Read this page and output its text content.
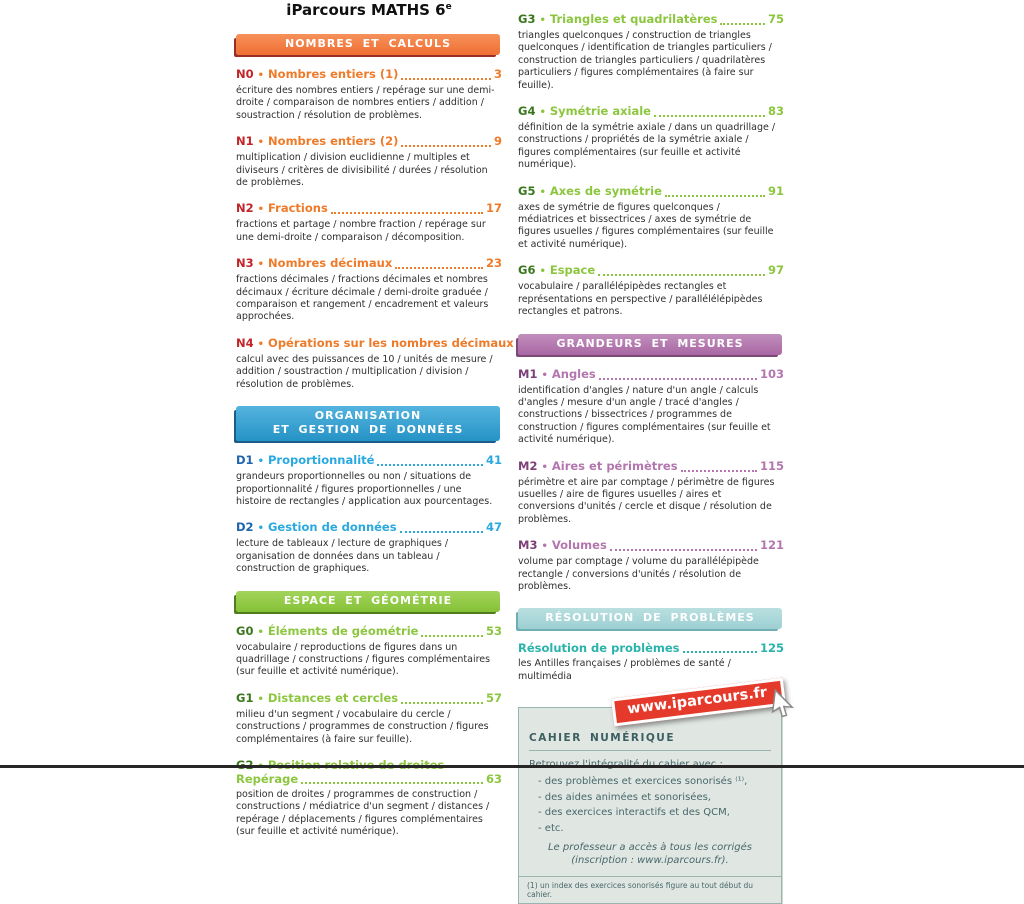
iParcours MATHS 6e
NOMBRES ET CALCULS
N0 • Nombres entiers (1)	3
écriture des nombres entiers / repérage sur une demi-droite / comparaison de nombres entiers / addition / soustraction / résolution de problèmes.
N1 • Nombres entiers (2)	9
multiplication / division euclidienne / multiples et diviseurs / critères de divisibilité / durées / résolution de problèmes.
N2 • Fractions	17
fractions et partage / nombre fraction / repérage sur une demi-droite / comparaison / décomposition.
N3 • Nombres décimaux	23
fractions décimales / fractions décimales et nombres décimaux / écriture décimale / demi-droite graduée / comparaison et rangement / encadrement et valeurs approchées.
N4 • Opérations sur les nombres décimaux
calcul avec des puissances de 10 / unités de mesure / addition / soustraction / multiplication / division / résolution de problèmes.
ORGANISATION
ET GESTION DE DONNÉES
D1 • Proportionnalité	41
grandeurs proportionnelles ou non / situations de proportionnalité / figures proportionnelles / une histoire de rectangles / application aux pourcentages.
D2 • Gestion de données	47
lecture de tableaux / lecture de graphiques / organisation de données dans un tableau / construction de graphiques.
ESPACE ET GÉOMÉTRIE
G0 • Éléments de géométrie	53
vocabulaire / reproductions de figures dans un quadrillage / constructions / figures complémentaires (sur feuille et activité numérique).
G1 • Distances et cercles	57
milieu d'un segment / vocabulaire du cercle / constructions / programmes de construction / figures complémentaires (à faire sur feuille).
Repérage	63
position de droites / programmes de construction / constructions / médiatrice d'un segment / distances / repérage / déplacements / figures complémentaires (sur feuille et activité numérique).
G3 • Triangles et quadrilatères	75
triangles quelconques / construction de triangles quelconques / identification de triangles particuliers / construction de triangles particuliers / quadrilatères particuliers / figures complémentaires (à faire sur feuille).
G4 • Symétrie axiale	83
définition de la symétrie axiale / dans un quadrillage / constructions / propriétés de la symétrie axiale / figures complémentaires (sur feuille et activité numérique).
G5 • Axes de symétrie	91
axes de symétrie de figures quelconques / médiatrices et bissectrices / axes de symétrie de figures usuelles / figures complémentaires (sur feuille et activité numérique).
G6 • Espace	97
vocabulaire / parallélépipèdes rectangles et représentations en perspective / parallélélépipèdes rectangles et patrons.
GRANDEURS ET MESURES
M1 • Angles	103
identification d'angles / nature d'un angle / calculs d'angles / mesure d'un angle / tracé d'angles / constructions / bissectrices / programmes de construction / figures complémentaires (sur feuille et activité numérique).
M2 • Aires et périmètres	115
périmètre et aire par comptage / périmètre de figures usuelles / aire de figures usuelles / aires et conversions d'unités / cercle et disque / résolution de problèmes.
M3 • Volumes	121
volume par comptage / volume du parallélépipède rectangle / conversions d'unités / résolution de problèmes.
RÉSOLUTION DE PROBLÈMES
Résolution de problèmes	125
les Antilles françaises / problèmes de santé / multimédia
www.iparcours.fr
CAHIER NUMÉRIQUE
- des problèmes et exercices sonorisés ⁽¹⁾,
- des aides animées et sonorisées,
- des exercices interactifs et des QCM,
- etc.
Le professeur a accès à tous les corrigés
(inscription : www.iparcours.fr).
(1) un index des exercices sonorisés figure au tout début du cahier.
